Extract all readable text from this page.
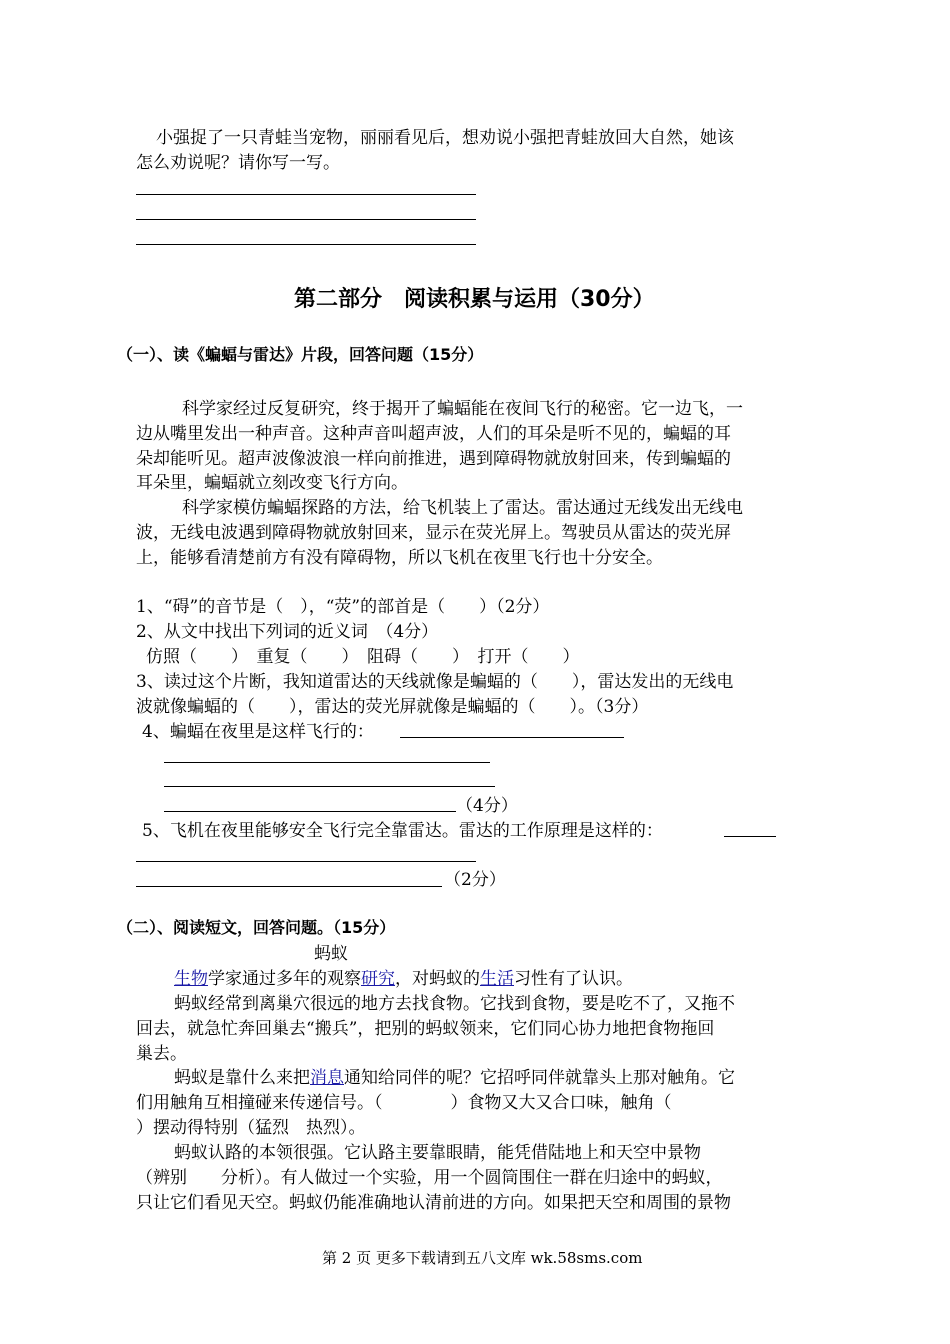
小强捉了一只青蛙当宠物，丽丽看见后，想劝说小强把青蛙放回大自然，她该
怎么劝说呢？请你写一写。
第二部分　阅读积累与运用（30分）
（一）、读《蝙蝠与雷达》片段，回答问题（15分）
科学家经过反复研究，终于揭开了蝙蝠能在夜间飞行的秘密。它一边飞，一
边从嘴里发出一种声音。这种声音叫超声波，人们的耳朵是听不见的，蝙蝠的耳
朵却能听见。超声波像波浪一样向前推进，遇到障碍物就放射回来，传到蝙蝠的
耳朵里，蝙蝠就立刻改变飞行方向。
科学家模仿蝙蝠探路的方法，给飞机装上了雷达。雷达通过无线发出无线电
波，无线电波遇到障碍物就放射回来，显示在荧光屏上。驾驶员从雷达的荧光屏
上，能够看清楚前方有没有障碍物，所以飞机在夜里飞行也十分安全。
1、“碍”的音节是（　），“荧”的部首是（　　）（2分）
2、从文中找出下列词的近义词　（4分）
仿照（　　）　重复（　　）　阻碍（　　）　打开（　　）
3、读过这个片断，我知道雷达的天线就像是蝙蝠的（　　），雷达发出的无线电
波就像蝙蝠的（　　），雷达的荧光屏就像是蝙蝠的（　　）。（3分）
4、蝙蝠在夜里是这样飞行的：
（4分）
5、飞机在夜里能够安全飞行完全靠雷达。雷达的工作原理是这样的：
（2分）
（二）、阅读短文，回答问题。（15分）
蚂蚁
生物学家通过多年的观察研究，对蚂蚁的生活习性有了认识。
蚂蚁经常到离巢穴很远的地方去找食物。它找到食物，要是吃不了，又拖不
回去，就急忙奔回巢去“搬兵”，把别的蚂蚁领来，它们同心协力地把食物拖回
巢去。
蚂蚁是靠什么来把消息通知给同伴的呢？它招呼同伴就靠头上那对触角。它
们用触角互相撞碰来传递信号。（　　　　）食物又大又合口味，触角（
）摆动得特别（猛烈　热烈）。
蚂蚁认路的本领很强。它认路主要靠眼睛，能凭借陆地上和天空中景物
（辨别　　分析）。有人做过一个实验，用一个圆筒围住一群在归途中的蚂蚁，
只让它们看见天空。蚂蚁仍能准确地认清前进的方向。如果把天空和周围的景物
第 2 页 更多下载请到五八文库 wk.58sms.com
